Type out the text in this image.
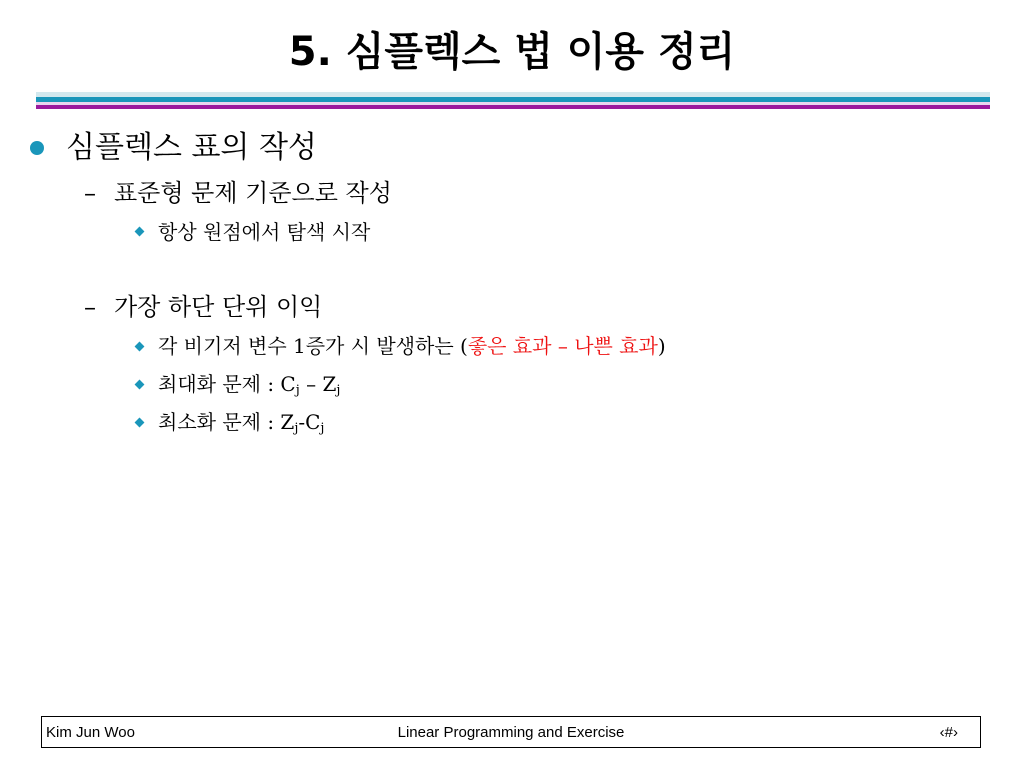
5. 심플렉스 법 이용 정리
심플렉스 표의 작성
– 표준형 문제 기준으로 작성
항상 원점에서 탐색 시작
– 가장 하단 단위 이익
각 비기저 변수 1증가 시 발생하는 (좋은 효과 – 나쁜 효과)
최대화 문제 : $C_j - Z_j$
최소화 문제 : $Z_j-C_j$
Kim Jun Woo	Linear Programming and Exercise	‹#›
